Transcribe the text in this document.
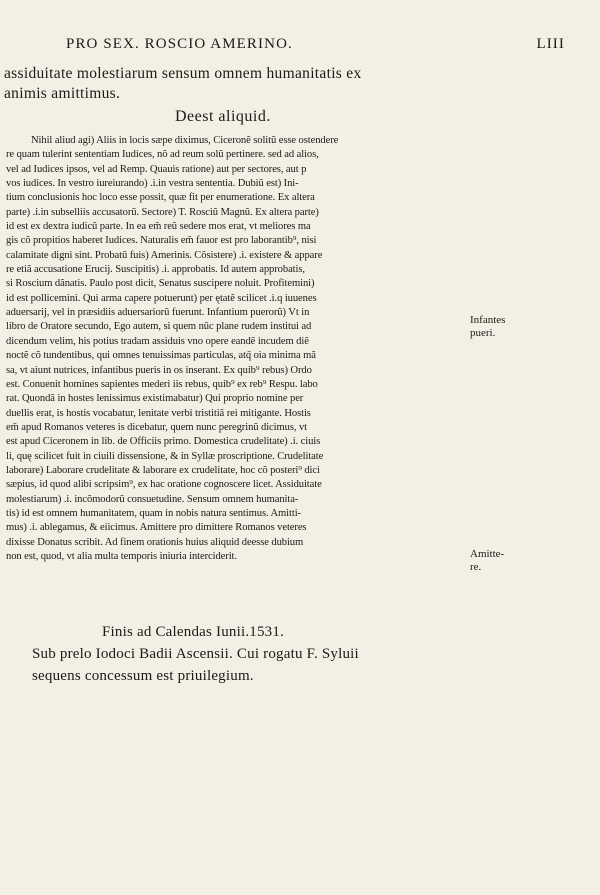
PRO SEX. ROSCIO AMERINO.	LIII
assiduitate molestiarum sensum omnem humanitatis ex
animis amittimus.
Deest aliquid.
Nihil aliud agi) Aliis in locis sæpe diximus, Ciceronẽ solitũ esse ostendere
re quam tulerint sententiam Iudices, nõ ad reum solũ pertinere. sed ad alios,
vel ad Iudices ipsos, vel ad Remp. Quauis ratione) aut per sectores, aut p
vos iudices. In vestro iureiurando) .i.in vestra sententia. Dubiũ est) Ini-
tium conclusionis hoc loco esse possit, quæ fit per enumeratione. Ex altera
parte) .i.in subselliis accusatorũ. Sectore) T. Rosciũ Magnũ. Ex altera parte)
id est ex dextra iudicũ parte. In ea em̃ reũ sedere mos erat, vt meliores ma
gis cõ propitios haberet Iudices. Naturalis em̃ fauor est pro laborantib⁹, nisi
calamitate digni sint. Probatũ fuis) Amerinis. Cõsistere) .i. existere & appare
re etiã accusatione Erucij. Suscipitis) .i. approbatis. Id autem approbatis,
si Roscium dãnatis. Paulo post dicit, Senatus suscipere noluit. Profitemini)
id est pollicemini. Qui arma capere potuerunt) per ętatẽ scilicet .i.q iuuenes
aduersarij, vel in præsidiis aduersariorũ fuerunt. Infantium puerorũ) Vt in
libro de Oratore secundo, Ego autem, si quem nũc plane rudem institui ad
dicendum velim, his potius tradam assiduis vno opere eandẽ incudem diẽ
noctẽ cõ tundentibus, qui omnes tenuissimas particulas, atq̃ oia minima mã
sa, vt aiunt nutrices, infantibus pueris in os inserant. Ex quib⁹ rebus) Ordo
est. Conuenit homines sapientes mederi iis rebus, quib⁹ ex reb⁹ Respu. labo
rat. Quondã in hostes lenissimus existimabatur) Qui proprio nomine per
duellis erat, is hostis vocabatur, lenitate verbi tristitiã rei mitigante. Hostis
em̃ apud Romanos veteres is dicebatur, quem nunc peregrinũ dicimus, vt
est apud Ciceronem in lib. de Officiis primo. Domestica crudelitate) .i. ciuis
li, quę scilicet fuit in ciuili dissensione, & in Syllæ proscriptione. Crudelitate
laborare) Laborare crudelitate & laborare ex crudelitate, hoc cõ posteri⁹ dici
sæpius, id quod alibi scripsim⁹, ex hac oratione cognoscere licet. Assiduitate
molestiarum) .i. incõmodorũ consuetudine. Sensum omnem humanita-
tis) id est omnem humanitatem, quam in nobis natura sentimus. Amitti-
mus) .i. ablegamus, & eiicimus. Amittere pro dimittere Romanos veteres
dixisse Donatus scribit. Ad finem orationis huius aliquid deesse dubium
non est, quod, vt alia multa temporis iniuria interciderit.
Infantes
pueri.
Amitte-
re.
Finis ad Calendas Iunii.1531.
Sub prelo Iodoci Badii Ascensii. Cui rogatu F. Syluii
sequens concessum est priuilegium.
